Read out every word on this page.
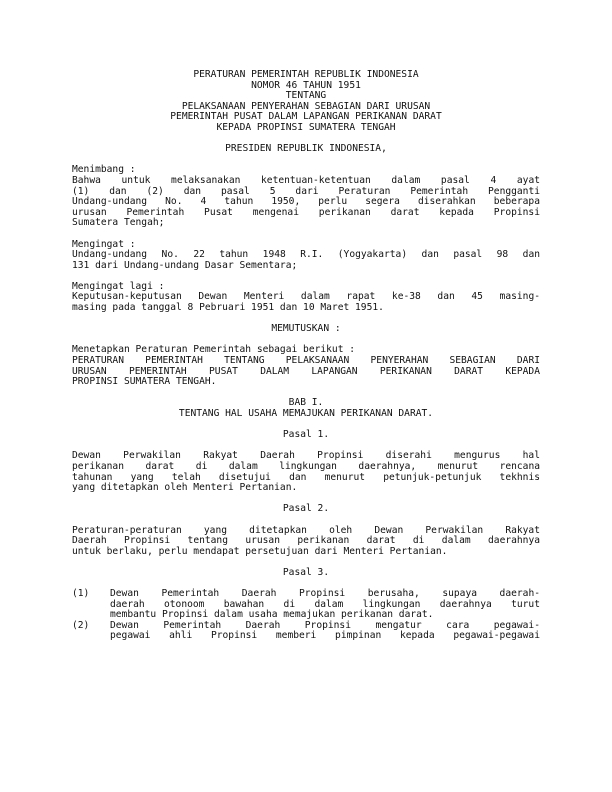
PERATURAN PEMERINTAH REPUBLIK INDONESIA
NOMOR 46 TAHUN 1951
TENTANG
PELAKSANAAN PENYERAHAN SEBAGIAN DARI URUSAN
PEMERINTAH PUSAT DALAM LAPANGAN PERIKANAN DARAT
KEPADA PROPINSI SUMATERA TENGAH
PRESIDEN REPUBLIK INDONESIA,
Menimbang :
Bahwa untuk melaksanakan ketentuan-ketentuan dalam pasal 4 ayat
(1) dan (2) dan pasal 5 dari Peraturan Pemerintah Pengganti
Undang-undang No. 4 tahun 1950, perlu segera diserahkan beberapa
urusan Pemerintah Pusat mengenai perikanan darat kepada Propinsi
Sumatera Tengah;
Mengingat :
Undang-undang No. 22 tahun 1948 R.I. (Yogyakarta) dan pasal 98 dan
131 dari Undang-undang Dasar Sementara;
Mengingat lagi :
Keputusan-keputusan Dewan Menteri dalam rapat ke-38 dan 45 masing-
masing pada tanggal 8 Pebruari 1951 dan 10 Maret 1951.
MEMUTUSKAN :
Menetapkan Peraturan Pemerintah sebagai berikut :
PERATURAN PEMERINTAH TENTANG PELAKSANAAN PENYERAHAN SEBAGIAN DARI
URUSAN PEMERINTAH PUSAT DALAM LAPANGAN PERIKANAN DARAT KEPADA
PROPINSI SUMATERA TENGAH.
BAB I.
TENTANG HAL USAHA MEMAJUKAN PERIKANAN DARAT.
Pasal 1.
Dewan Perwakilan Rakyat Daerah Propinsi diserahi mengurus hal
perikanan darat di dalam lingkungan daerahnya, menurut rencana
tahunan yang telah disetujui dan menurut petunjuk-petunjuk tekhnis
yang ditetapkan oleh Menteri Pertanian.
Pasal 2.
Peraturan-peraturan yang ditetapkan oleh Dewan Perwakilan Rakyat
Daerah Propinsi tentang urusan perikanan darat di dalam daerahnya
untuk berlaku, perlu mendapat persetujuan dari Menteri Pertanian.
Pasal 3.
(1)	Dewan Pemerintah Daerah Propinsi berusaha, supaya daerah-
daerah otonoom bawahan di dalam lingkungan daerahnya turut
membantu Propinsi dalam usaha memajukan perikanan darat.
(2)	Dewan Pemerintah Daerah Propinsi mengatur cara pegawai-
pegawai ahli Propinsi memberi pimpinan kepada pegawai-pegawai
